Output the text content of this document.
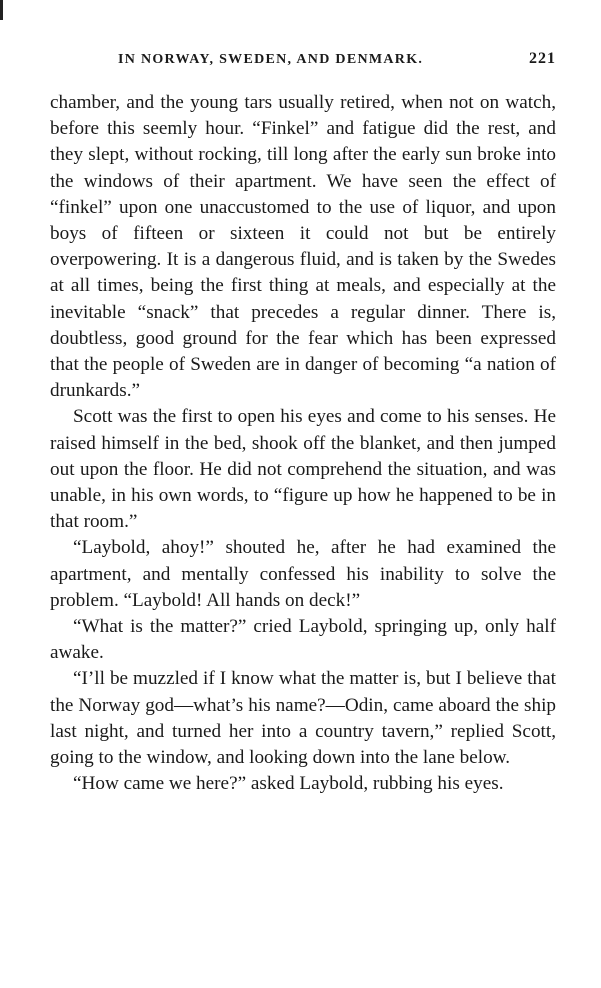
IN NORWAY, SWEDEN, AND DENMARK.	221

chamber, and the young tars usually retired, when not on watch, before this seemly hour. “Finkel” and fatigue did the rest, and they slept, without rocking, till long after the early sun broke into the windows of their apartment. We have seen the effect of “finkel” upon one unaccustomed to the use of liquor, and upon boys of fifteen or sixteen it could not but be entirely overpowering. It is a dangerous fluid, and is taken by the Swedes at all times, being the first thing at meals, and especially at the inevitable “snack” that precedes a regular dinner. There is, doubtless, good ground for the fear which has been expressed that the people of Sweden are in danger of becoming “a nation of drunkards.”

Scott was the first to open his eyes and come to his senses. He raised himself in the bed, shook off the blanket, and then jumped out upon the floor. He did not comprehend the situation, and was unable, in his own words, to “figure up how he happened to be in that room.”

“Laybold, ahoy!” shouted he, after he had examined the apartment, and mentally confessed his inability to solve the problem. “Laybold! All hands on deck!”

“What is the matter?” cried Laybold, springing up, only half awake.

“I’ll be muzzled if I know what the matter is, but I believe that the Norway god—what’s his name?—Odin, came aboard the ship last night, and turned her into a country tavern,” replied Scott, going to the window, and looking down into the lane below.

“How came we here?” asked Laybold, rubbing his eyes.
